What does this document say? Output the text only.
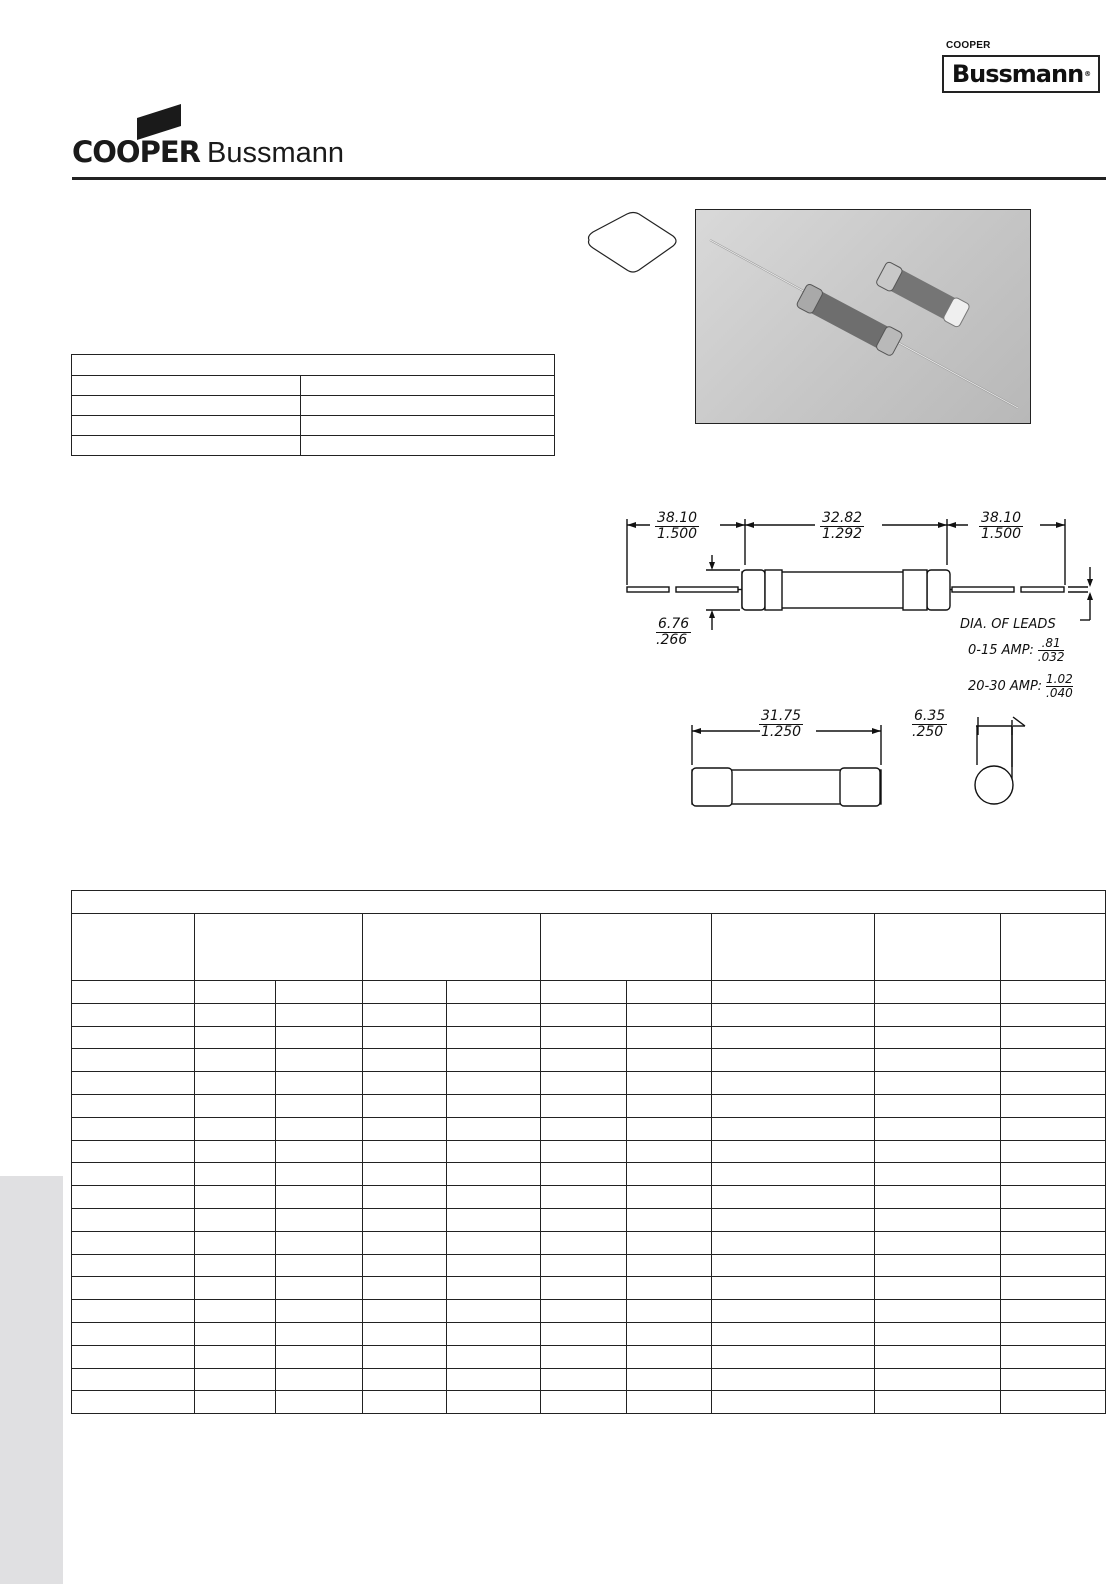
COOPER
Bussmann ®
COOPER Bussmann

38.10
1.500
32.82
1.292
38.10
1.500
6.76
.266
DIA. OF LEADS
0-15 AMP: $\frac{.81}{.032}$
20-30 AMP: $\frac{1.02}{.040}$
31.75
1.250
6.35
.250
